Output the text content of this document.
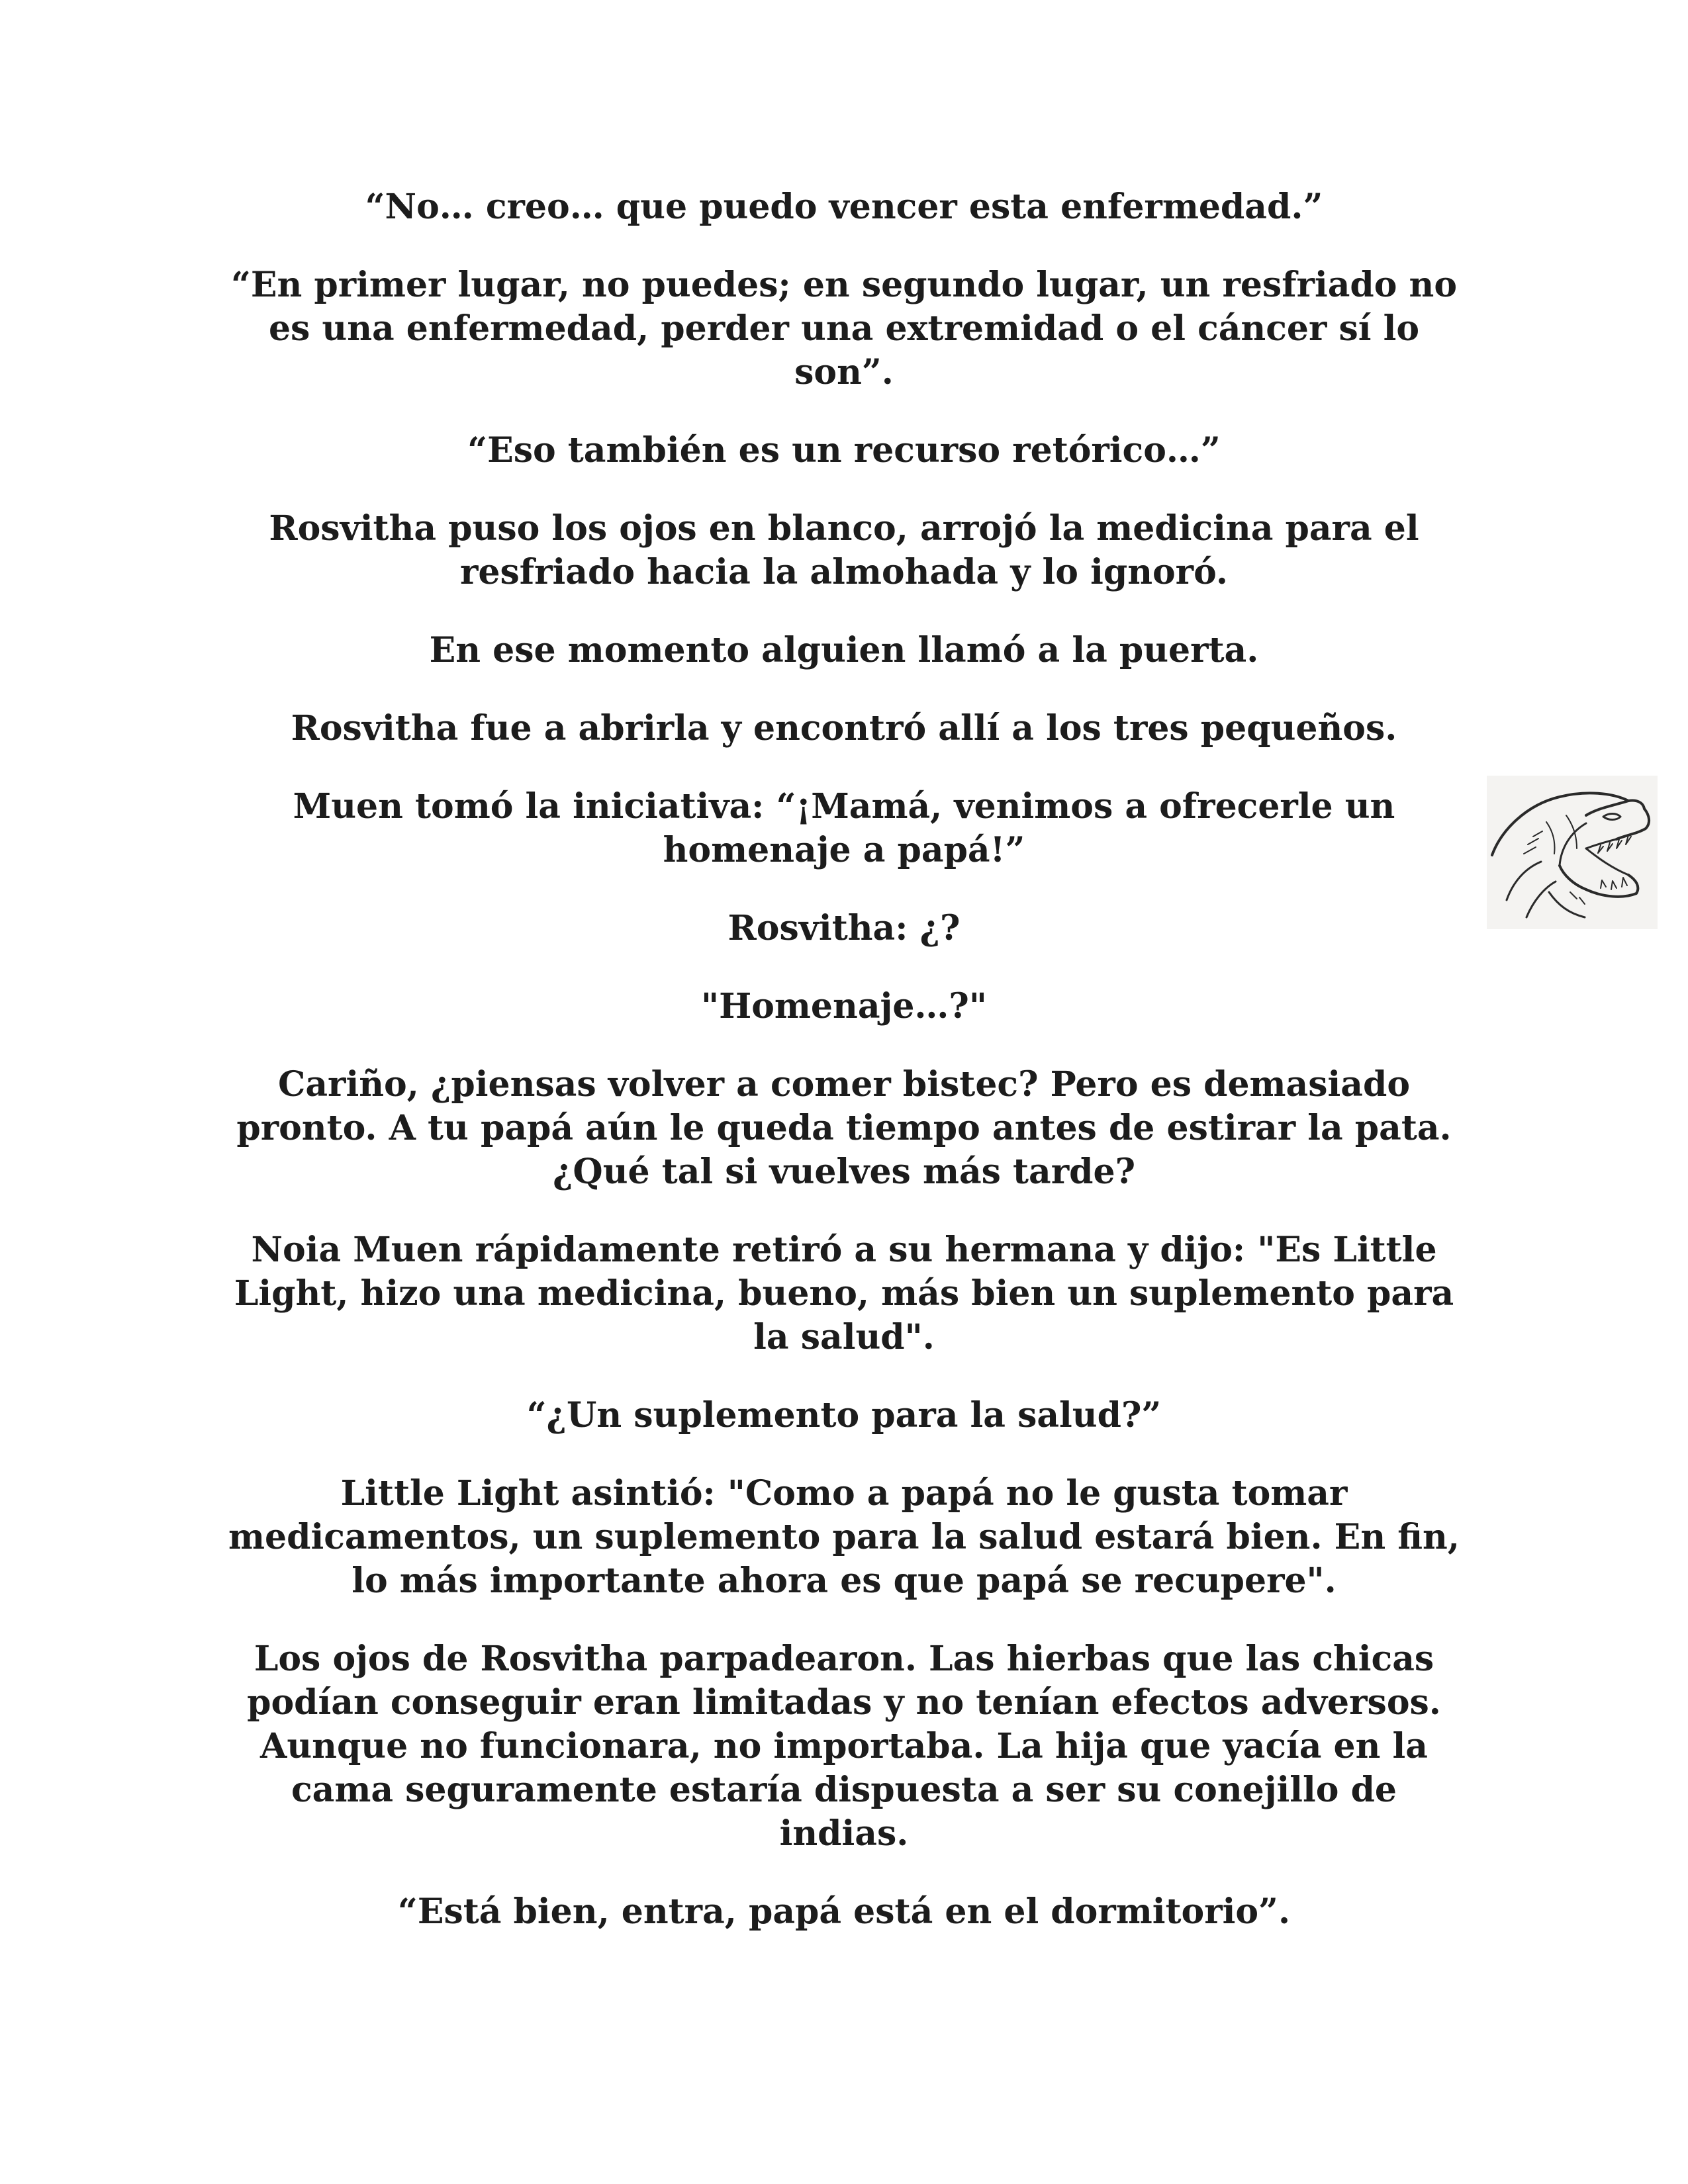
“No… creo… que puedo vencer esta enfermedad.”

“En primer lugar, no puedes; en segundo lugar, un resfriado no es una enfermedad, perder una extremidad o el cáncer sí lo son”.

“Eso también es un recurso retórico…”

Rosvitha puso los ojos en blanco, arrojó la medicina para el resfriado hacia la almohada y lo ignoró.

En ese momento alguien llamó a la puerta.

Rosvitha fue a abrirla y encontró allí a los tres pequeños.

Muen tomó la iniciativa: “¡Mamá, venimos a ofrecerle un homenaje a papá!”

Rosvitha: ¿?

"Homenaje…?"

Cariño, ¿piensas volver a comer bistec? Pero es demasiado pronto. A tu papá aún le queda tiempo antes de estirar la pata. ¿Qué tal si vuelves más tarde?

Noia Muen rápidamente retiró a su hermana y dijo: "Es Little Light, hizo una medicina, bueno, más bien un suplemento para la salud".

“¿Un suplemento para la salud?”

Little Light asintió: "Como a papá no le gusta tomar medicamentos, un suplemento para la salud estará bien. En fin, lo más importante ahora es que papá se recupere".

Los ojos de Rosvitha parpadearon. Las hierbas que las chicas podían conseguir eran limitadas y no tenían efectos adversos. Aunque no funcionara, no importaba. La hija que yacía en la cama seguramente estaría dispuesta a ser su conejillo de indias.

“Está bien, entra, papá está en el dormitorio”.
